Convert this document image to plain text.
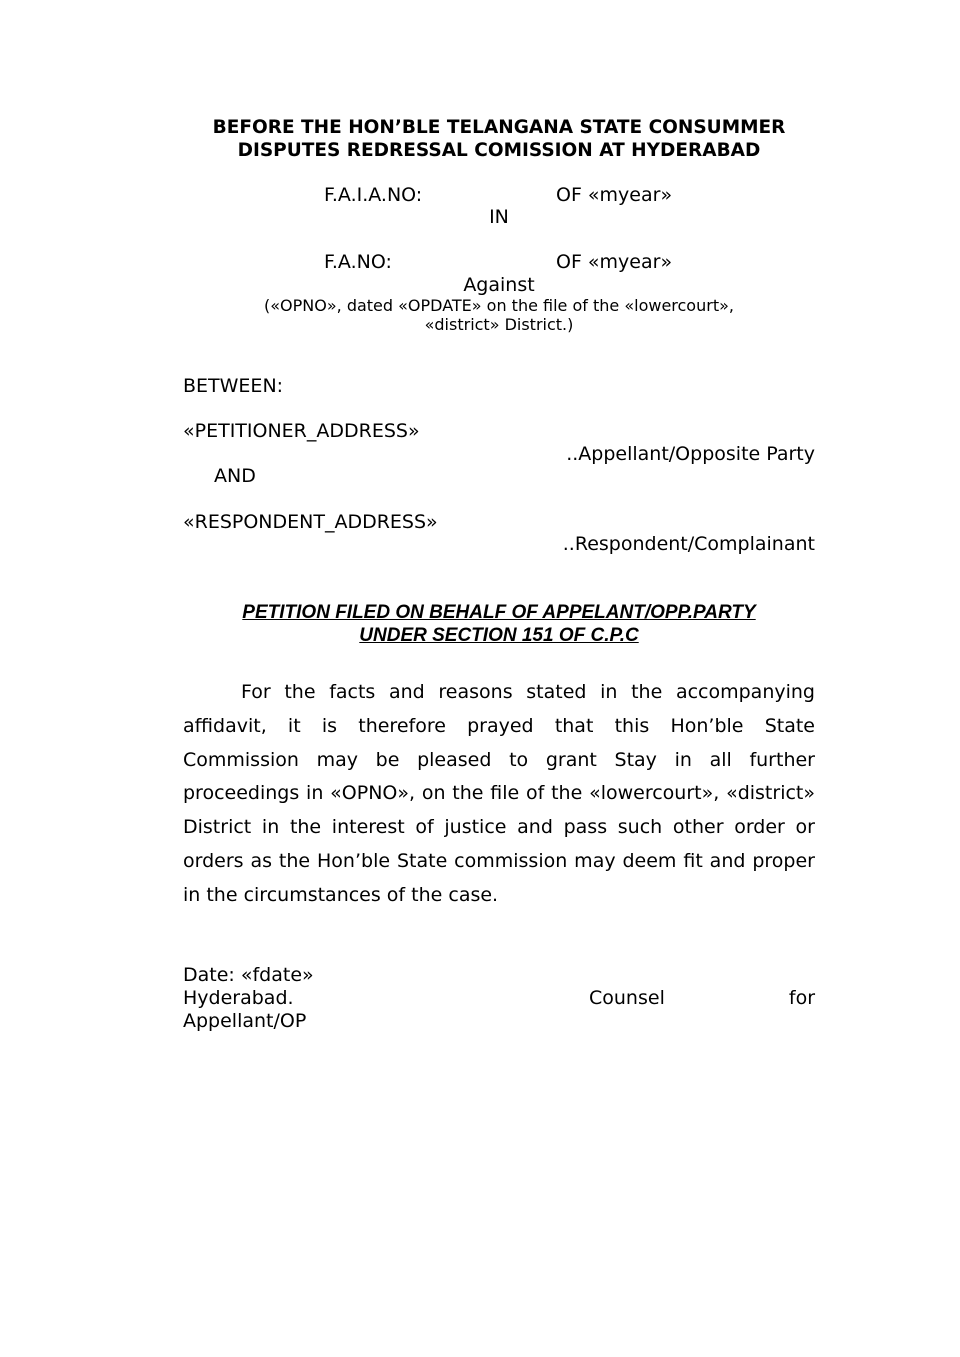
BEFORE THE HON’BLE TELANGANA STATE CONSUMMER
DISPUTES REDRESSAL COMISSION AT HYDERABAD
F.A.I.A.NO:	OF «myear»
IN
F.A.NO:	OF «myear»
Against
(«OPNO», dated «OPDATE» on the file of the «lowercourt»,
«district» District.)
BETWEEN:
«PETITIONER_ADDRESS»
..Appellant/Opposite Party
AND
«RESPONDENT_ADDRESS»
..Respondent/Complainant
PETITION FILED ON BEHALF OF APPELANT/OPP.PARTY
UNDER SECTION 151 OF C.P.C
For the facts and reasons stated in the accompanying affidavit, it is therefore prayed that this Hon’ble State Commission may be pleased to grant Stay in all further proceedings in «OPNO», on the file of the «lowercourt», «district» District in the interest of justice and pass such other order or orders as the Hon’ble State commission may deem fit and proper in the circumstances of the case.
Date: «fdate»
Hyderabad.	Counsel	for
Appellant/OP
